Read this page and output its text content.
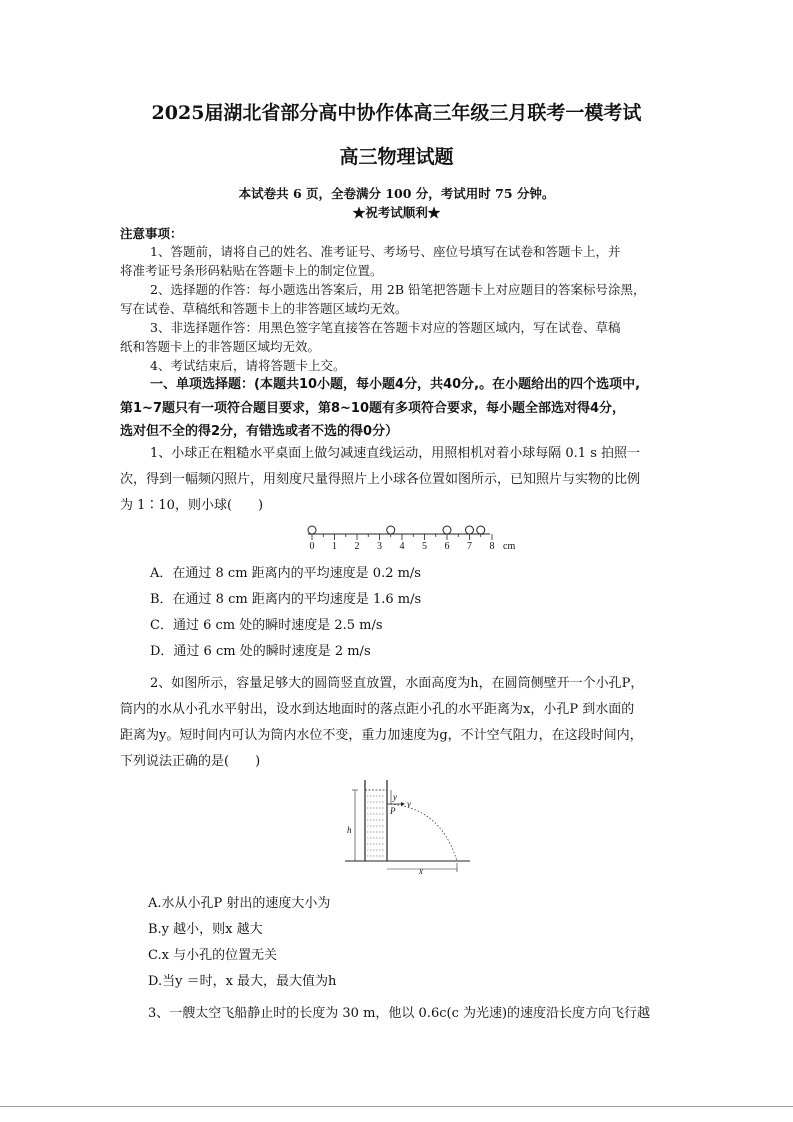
2025届湖北省部分高中协作体高三年级三月联考一模考试
高三物理试题
本试卷共 6 页，全卷满分 100 分，考试用时 75 分钟。
★祝考试顺利★
注意事项：
1、答题前，请将自己的姓名、准考证号、考场号、座位号填写在试卷和答题卡上，并
将准考证号条形码粘贴在答题卡上的制定位置。
2、选择题的作答：每小题选出答案后，用 2B 铅笔把答题卡上对应题目的答案标号涂黑，
写在试卷、草稿纸和答题卡上的非答题区域均无效。
3、非选择题作答：用黑色签字笔直接答在答题卡对应的答题区域内，写在试卷、草稿
纸和答题卡上的非答题区域均无效。
4、考试结束后，请将答题卡上交。
一、单项选择题：(本题共10小题，每小题4分，共40分,。在小题给出的四个选项中,
第1~7题只有一项符合题目要求，第8~10题有多项符合要求，每小题全部选对得4分，
选对但不全的得2分，有错选或者不选的得0分）
1、小球正在粗糙水平桌面上做匀减速直线运动，用照相机对着小球每隔 0.1 s 拍照一
次，得到一幅频闪照片，用刻度尺量得照片上小球各位置如图所示，已知照片与实物的比例
为 1∶10，则小球(　　)
0 1 2 3 4 5 6 7 8 cm
A．在通过 8 cm 距离内的平均速度是 0.2 m/s
B．在通过 8 cm 距离内的平均速度是 1.6 m/s
C．通过 6 cm 处的瞬时速度是 2.5 m/s
D．通过 6 cm 处的瞬时速度是 2 m/s
2、如图所示，容量足够大的圆筒竖直放置，水面高度为h，在圆筒侧壁开一个小孔P，
筒内的水从小孔水平射出，设水到达地面时的落点距小孔的水平距离为x，小孔P 到水面的
距离为y。短时间内可认为筒内水位不变，重力加速度为g，不计空气阻力，在这段时间内，
下列说法正确的是(　　)
h
y
v
P
x
A.水从小孔P 射出的速度大小为
B.y 越小，则x 越大
C.x 与小孔的位置无关
D.当y ＝时，x 最大，最大值为h
3、一艘太空飞船静止时的长度为 30 m，他以 0.6c(c 为光速)的速度沿长度方向飞行越
